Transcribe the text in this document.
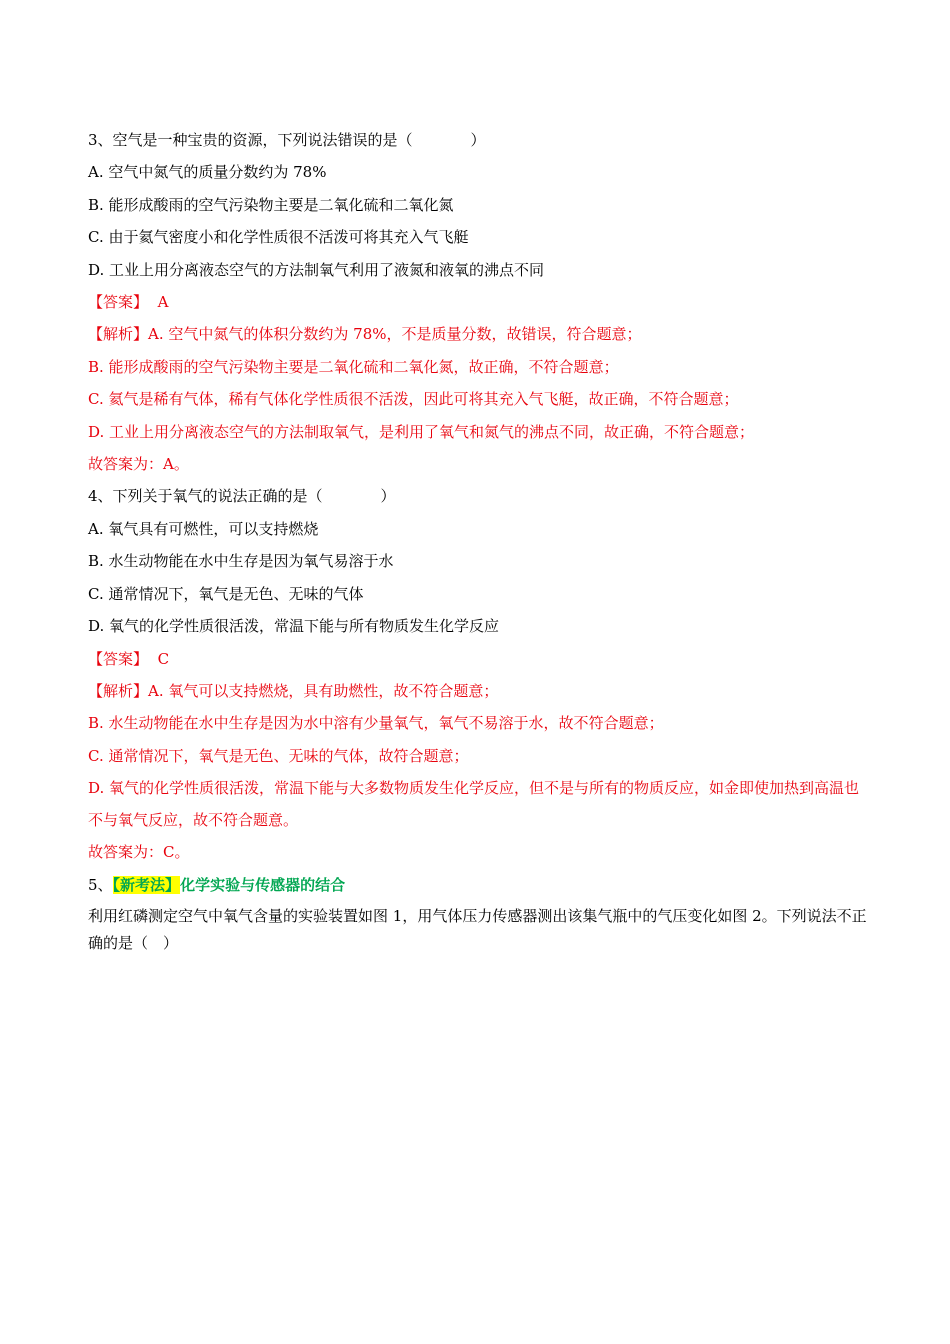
3、空气是一种宝贵的资源，下列说法错误的是（	）
A. 空气中氮气的质量分数约为 78%
B. 能形成酸雨的空气污染物主要是二氧化硫和二氧化氮
C. 由于氦气密度小和化学性质很不活泼可将其充入气飞艇
D. 工业上用分离液态空气的方法制氧气利用了液氮和液氧的沸点不同
【答案】 A
【解析】A. 空气中氮气的体积分数约为 78%，不是质量分数，故错误，符合题意；
B. 能形成酸雨的空气污染物主要是二氧化硫和二氧化氮，故正确，不符合题意；
C. 氦气是稀有气体，稀有气体化学性质很不活泼，因此可将其充入气飞艇，故正确，不符合题意；
D. 工业上用分离液态空气的方法制取氧气，是利用了氧气和氮气的沸点不同，故正确，不符合题意；
故答案为：A。
4、下列关于氧气的说法正确的是（	）
A. 氧气具有可燃性，可以支持燃烧
B. 水生动物能在水中生存是因为氧气易溶于水
C. 通常情况下，氧气是无色、无味的气体
D. 氧气的化学性质很活泼，常温下能与所有物质发生化学反应
【答案】 C
【解析】A. 氧气可以支持燃烧，具有助燃性，故不符合题意；
B. 水生动物能在水中生存是因为水中溶有少量氧气，氧气不易溶于水，故不符合题意；
C. 通常情况下，氧气是无色、无味的气体，故符合题意；
D. 氧气的化学性质很活泼，常温下能与大多数物质发生化学反应，但不是与所有的物质反应，如金即使加热到高温也不与氧气反应，故不符合题意。
故答案为：C。
5、【新考法】化学实验与传感器的结合
利用红磷测定空气中氧气含量的实验装置如图 1，用气体压力传感器测出该集气瓶中的气压变化如图 2。下列说法不正确的是（　）
